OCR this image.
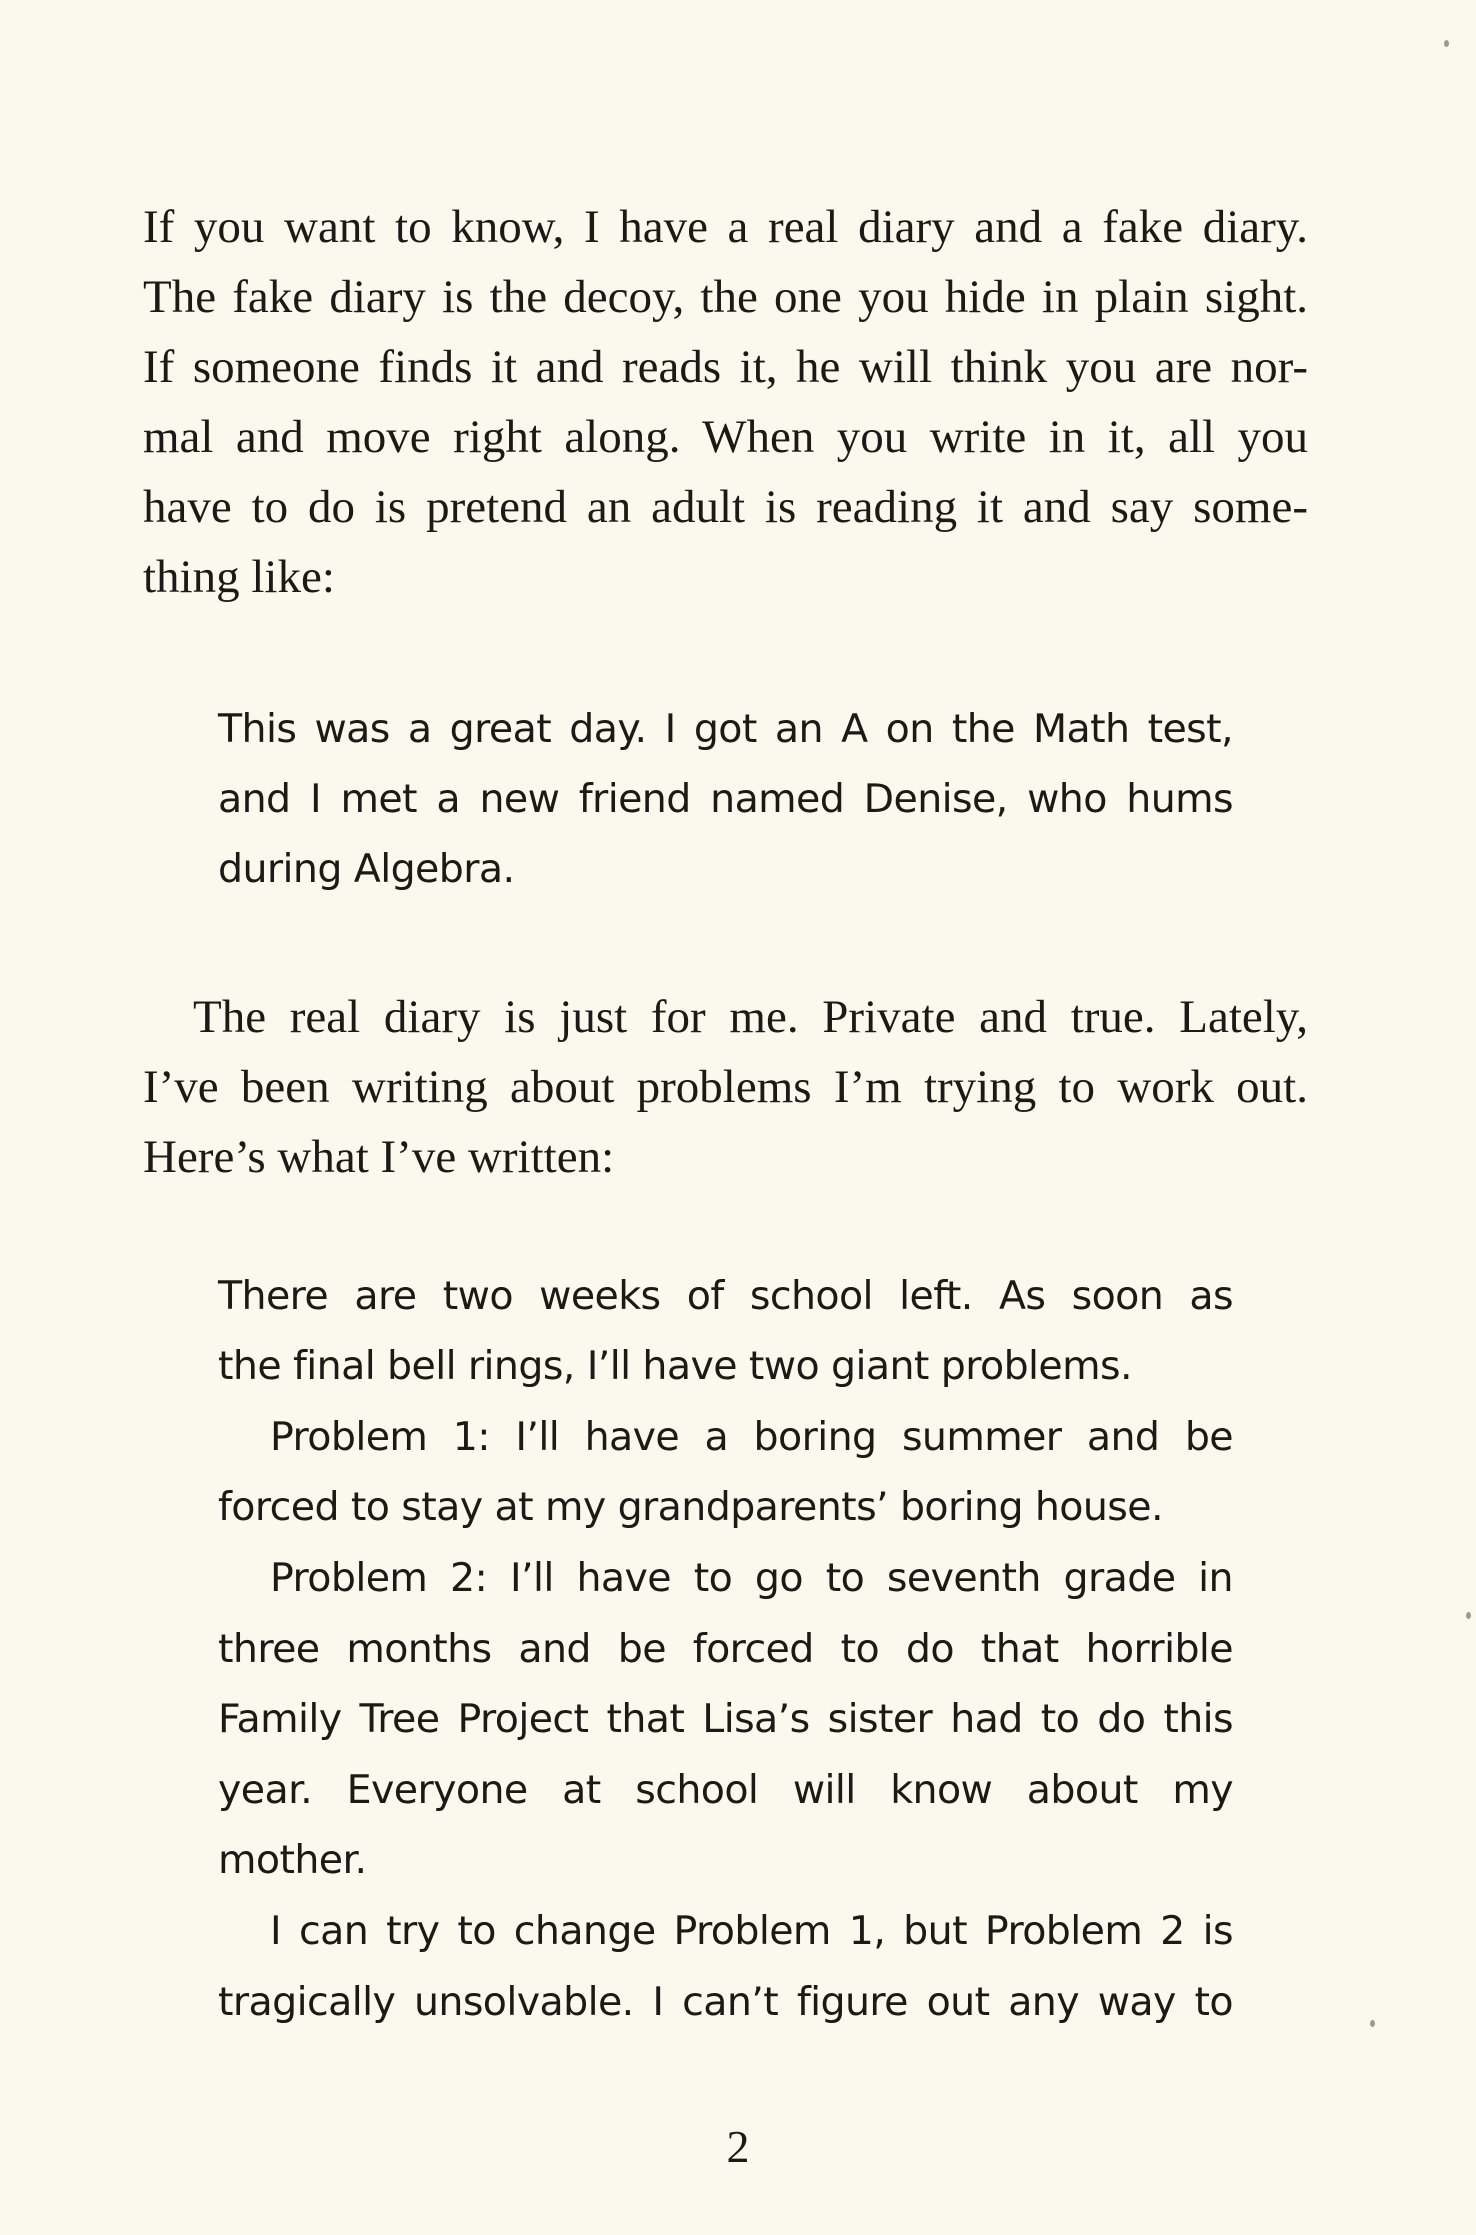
If you want to know, I have a real diary and a fake diary.
The fake diary is the decoy, the one you hide in plain sight.
If someone finds it and reads it, he will think you are nor-
mal and move right along. When you write in it, all you
have to do is pretend an adult is reading it and say some-
thing like:
This was a great day. I got an A on the Math test,
and I met a new friend named Denise, who hums
during Algebra.
The real diary is just for me. Private and true. Lately,
I’ve been writing about problems I’m trying to work out.
Here’s what I’ve written:
There are two weeks of school left. As soon as
the final bell rings, I’ll have two giant problems.
Problem 1: I’ll have a boring summer and be
forced to stay at my grandparents’ boring house.
Problem 2: I’ll have to go to seventh grade in
three months and be forced to do that horrible
Family Tree Project that Lisa’s sister had to do this
year. Everyone at school will know about my
mother.
I can try to change Problem 1, but Problem 2 is
tragically unsolvable. I can’t figure out any way to
2
